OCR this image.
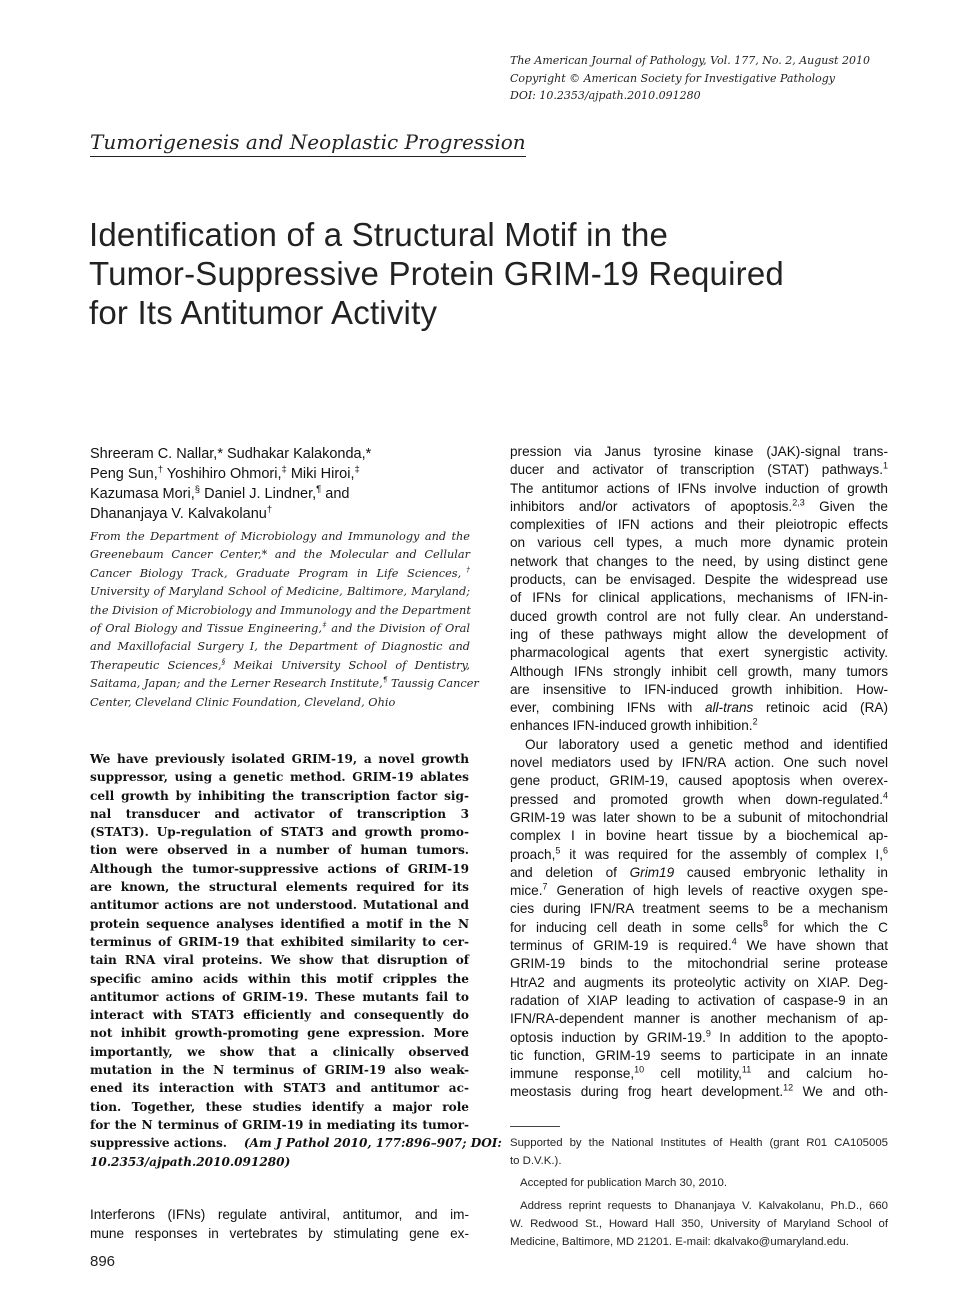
The American Journal of Pathology, Vol. 177, No. 2, August 2010
Copyright © American Society for Investigative Pathology
DOI: 10.2353/ajpath.2010.091280
Tumorigenesis and Neoplastic Progression
Identification of a Structural Motif in the
Tumor-Suppressive Protein GRIM-19 Required
for Its Antitumor Activity
Shreeram C. Nallar,* Sudhakar Kalakonda,*
Peng Sun,† Yoshihiro Ohmori,‡ Miki Hiroi,‡
Kazumasa Mori,§ Daniel J. Lindner,¶ and
Dhananjaya V. Kalvakolanu†
From the Department of Microbiology and Immunology and the
Greenebaum Cancer Center,* and the Molecular and Cellular
Cancer Biology Track, Graduate Program in Life Sciences,†
University of Maryland School of Medicine, Baltimore, Maryland;
the Division of Microbiology and Immunology and the Department
of Oral Biology and Tissue Engineering,‡ and the Division of Oral
and Maxillofacial Surgery I, the Department of Diagnostic and
Therapeutic Sciences,§ Meikai University School of Dentistry,
Saitama, Japan; and the Lerner Research Institute,¶ Taussig Cancer
Center, Cleveland Clinic Foundation, Cleveland, Ohio
We have previously isolated GRIM-19, a novel growth
suppressor, using a genetic method. GRIM-19 ablates
cell growth by inhibiting the transcription factor sig-
nal transducer and activator of transcription 3
(STAT3). Up-regulation of STAT3 and growth promo-
tion were observed in a number of human tumors.
Although the tumor-suppressive actions of GRIM-19
are known, the structural elements required for its
antitumor actions are not understood. Mutational and
protein sequence analyses identified a motif in the N
terminus of GRIM-19 that exhibited similarity to cer-
tain RNA viral proteins. We show that disruption of
specific amino acids within this motif cripples the
antitumor actions of GRIM-19. These mutants fail to
interact with STAT3 efficiently and consequently do
not inhibit growth-promoting gene expression. More
importantly, we show that a clinically observed
mutation in the N terminus of GRIM-19 also weak-
ened its interaction with STAT3 and antitumor ac-
tion. Together, these studies identify a major role
for the N terminus of GRIM-19 in mediating its tumor-
suppressive actions. (Am J Pathol 2010, 177:896–907; DOI:
10.2353/ajpath.2010.091280)
Interferons (IFNs) regulate antiviral, antitumor, and im-
mune responses in vertebrates by stimulating gene ex-
896
pression via Janus tyrosine kinase (JAK)-signal trans-
ducer and activator of transcription (STAT) pathways.$^1$
The antitumor actions of IFNs involve induction of growth
inhibitors and/or activators of apoptosis.$^{2,3}$ Given the
complexities of IFN actions and their pleiotropic effects
on various cell types, a much more dynamic protein
network that changes to the need, by using distinct gene
products, can be envisaged. Despite the widespread use
of IFNs for clinical applications, mechanisms of IFN-in-
duced growth control are not fully clear. An understand-
ing of these pathways might allow the development of
pharmacological agents that exert synergistic activity.
Although IFNs strongly inhibit cell growth, many tumors
are insensitive to IFN-induced growth inhibition. How-
ever, combining IFNs with all-trans retinoic acid (RA)
enhances IFN-induced growth inhibition.$^2$
Our laboratory used a genetic method and identified
novel mediators used by IFN/RA action. One such novel
gene product, GRIM-19, caused apoptosis when overex-
pressed and promoted growth when down-regulated.$^4$
GRIM-19 was later shown to be a subunit of mitochondrial
complex I in bovine heart tissue by a biochemical ap-
proach,$^5$ it was required for the assembly of complex I,$^6$
and deletion of Grim19 caused embryonic lethality in
mice.$^7$ Generation of high levels of reactive oxygen spe-
cies during IFN/RA treatment seems to be a mechanism
for inducing cell death in some cells$^8$ for which the C
terminus of GRIM-19 is required.$^4$ We have shown that
GRIM-19 binds to the mitochondrial serine protease
HtrA2 and augments its proteolytic activity on XIAP. Deg-
radation of XIAP leading to activation of caspase-9 in an
IFN/RA-dependent manner is another mechanism of ap-
optosis induction by GRIM-19.$^9$ In addition to the apopto-
tic function, GRIM-19 seems to participate in an innate
immune response,$^{10}$ cell motility,$^{11}$ and calcium ho-
meostasis during frog heart development.$^{12}$ We and oth-
Supported by the National Institutes of Health (grant R01 CA105005
to D.V.K.).
Accepted for publication March 30, 2010.
Address reprint requests to Dhananjaya V. Kalvakolanu, Ph.D., 660
W. Redwood St., Howard Hall 350, University of Maryland School of
Medicine, Baltimore, MD 21201. E-mail: dkalvako@umaryland.edu.
